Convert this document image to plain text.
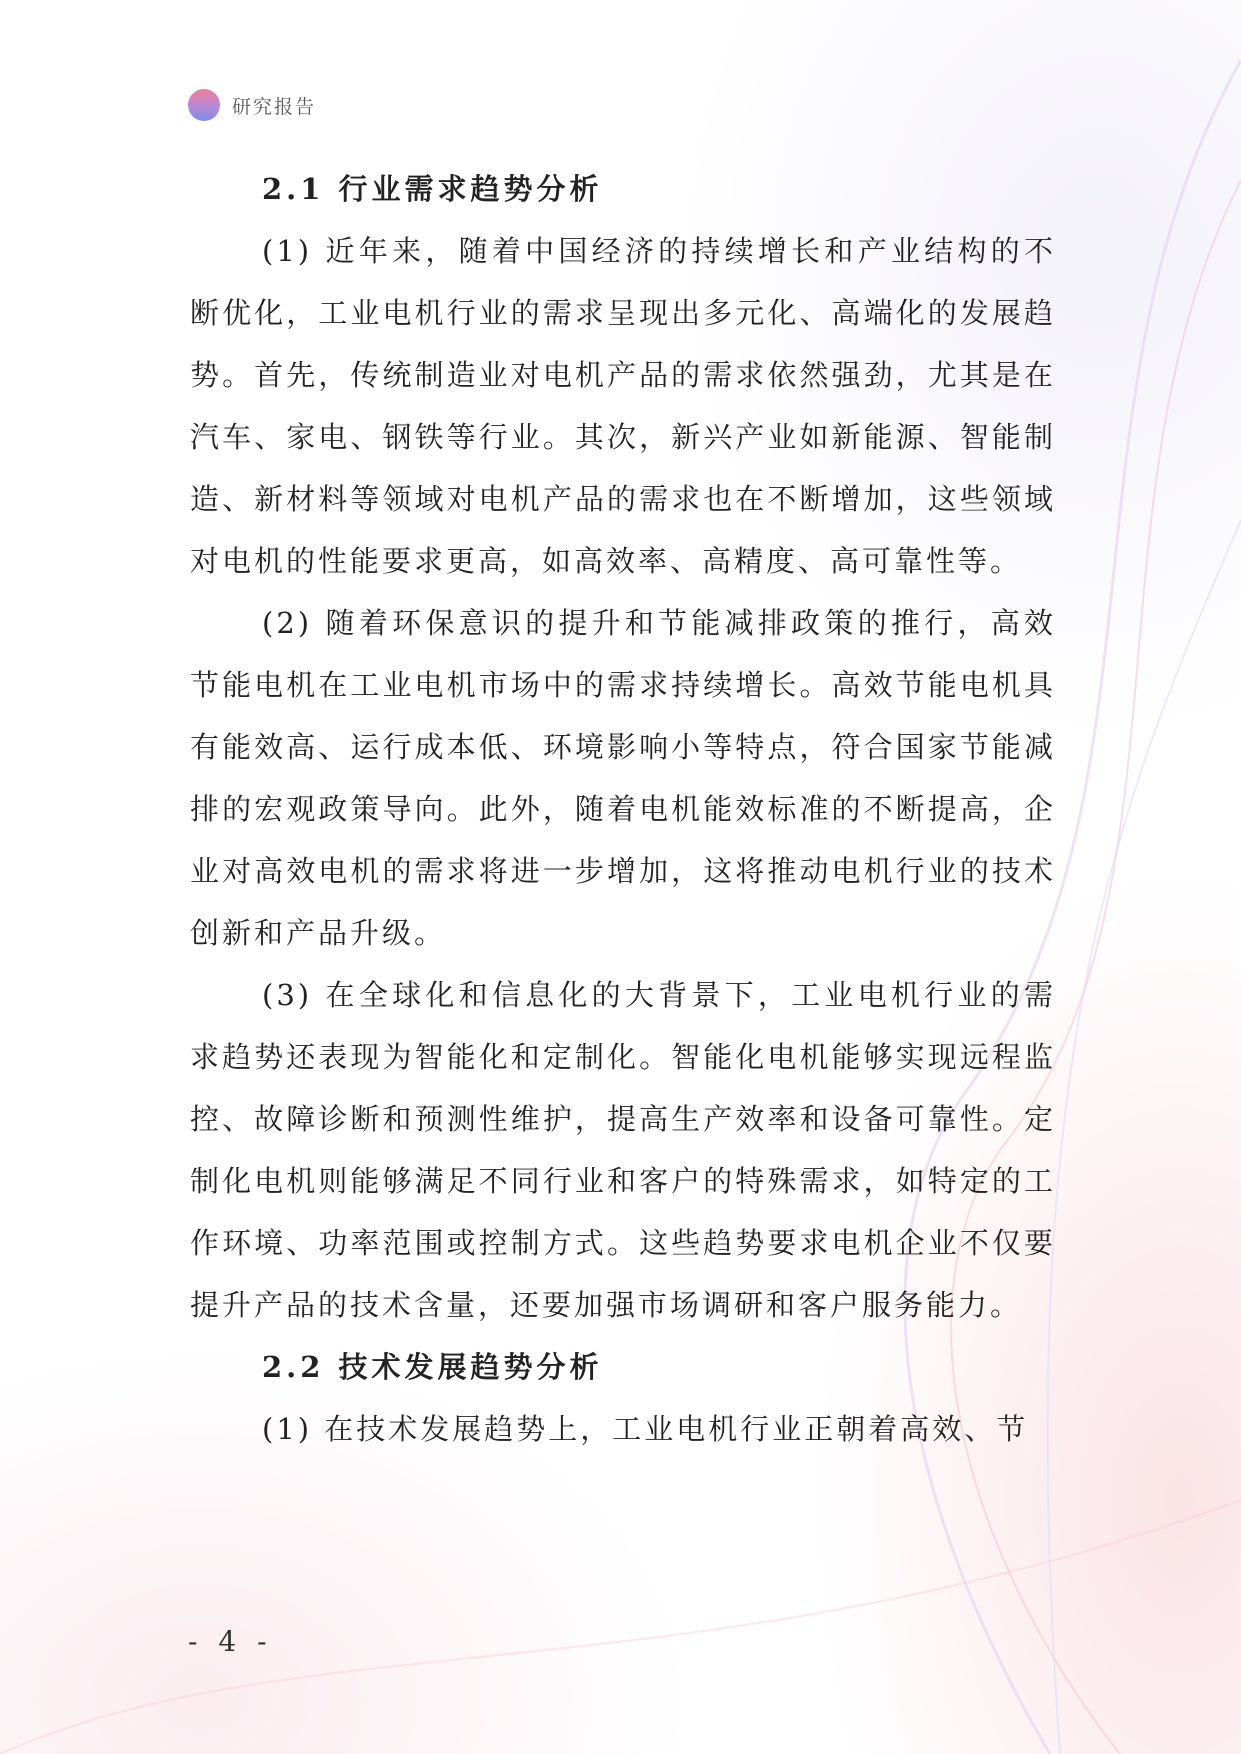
研究报告
2.1 行业需求趋势分析

(1) 近年来，随着中国经济的持续增长和产业结构的不断优化，工业电机行业的需求呈现出多元化、高端化的发展趋势。首先，传统制造业对电机产品的需求依然强劲，尤其是在汽车、家电、钢铁等行业。其次，新兴产业如新能源、智能制造、新材料等领域对电机产品的需求也在不断增加，这些领域对电机的性能要求更高，如高效率、高精度、高可靠性等。

(2) 随着环保意识的提升和节能减排政策的推行，高效节能电机在工业电机市场中的需求持续增长。高效节能电机具有能效高、运行成本低、环境影响小等特点，符合国家节能减排的宏观政策导向。此外，随着电机能效标准的不断提高，企业对高效电机的需求将进一步增加，这将推动电机行业的技术创新和产品升级。

(3) 在全球化和信息化的大背景下，工业电机行业的需求趋势还表现为智能化和定制化。智能化电机能够实现远程监控、故障诊断和预测性维护，提高生产效率和设备可靠性。定制化电机则能够满足不同行业和客户的特殊需求，如特定的工作环境、功率范围或控制方式。这些趋势要求电机企业不仅要提升产品的技术含量，还要加强市场调研和客户服务能力。

2.2 技术发展趋势分析

(1) 在技术发展趋势上，工业电机行业正朝着高效、节

- 4 -
